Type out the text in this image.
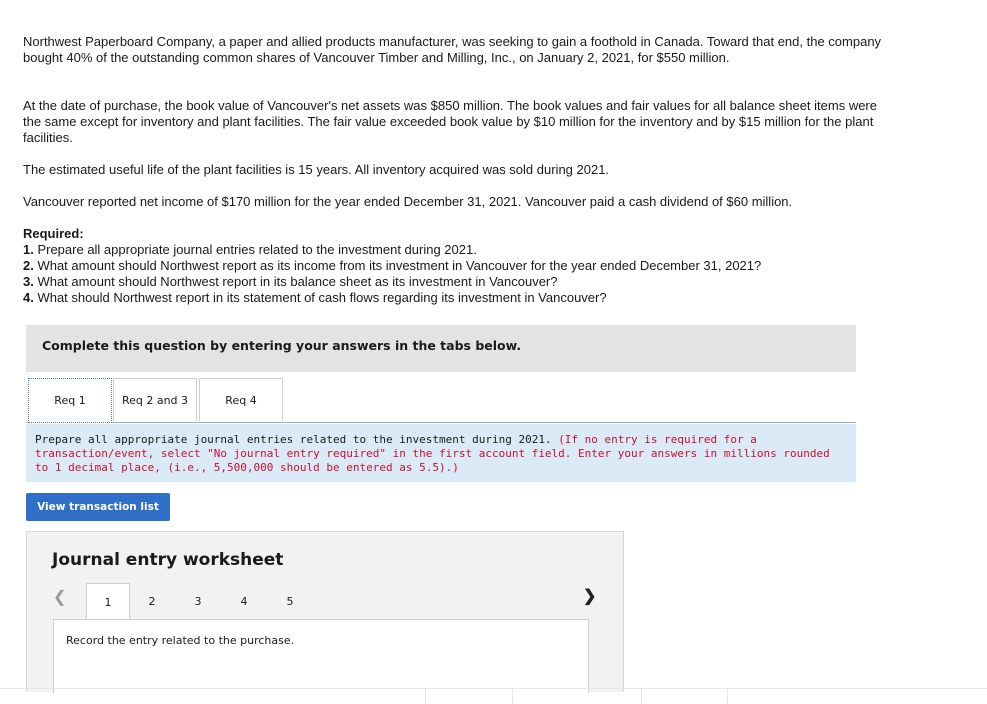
Northwest Paperboard Company, a paper and allied products manufacturer, was seeking to gain a foothold in Canada. Toward that end, the company bought 40% of the outstanding common shares of Vancouver Timber and Milling, Inc., on January 2, 2021, for $550 million.

At the date of purchase, the book value of Vancouver's net assets was $850 million. The book values and fair values for all balance sheet items were the same except for inventory and plant facilities. The fair value exceeded book value by $10 million for the inventory and by $15 million for the plant facilities.

The estimated useful life of the plant facilities is 15 years. All inventory acquired was sold during 2021.

Vancouver reported net income of $170 million for the year ended December 31, 2021. Vancouver paid a cash dividend of $60 million.

Required:
1. Prepare all appropriate journal entries related to the investment during 2021.
2. What amount should Northwest report as its income from its investment in Vancouver for the year ended December 31, 2021?
3. What amount should Northwest report in its balance sheet as its investment in Vancouver?
4. What should Northwest report in its statement of cash flows regarding its investment in Vancouver?
Complete this question by entering your answers in the tabs below.
Req 1	Req 2 and 3	Req 4

Prepare all appropriate journal entries related to the investment during 2021. (If no entry is required for a transaction/event, select "No journal entry required" in the first account field. Enter your answers in millions rounded to 1 decimal place, (i.e., 5,500,000 should be entered as 5.5).)

View transaction list
Journal entry worksheet
❮	1	2	3	4	5	❯
Record the entry related to the purchase.
